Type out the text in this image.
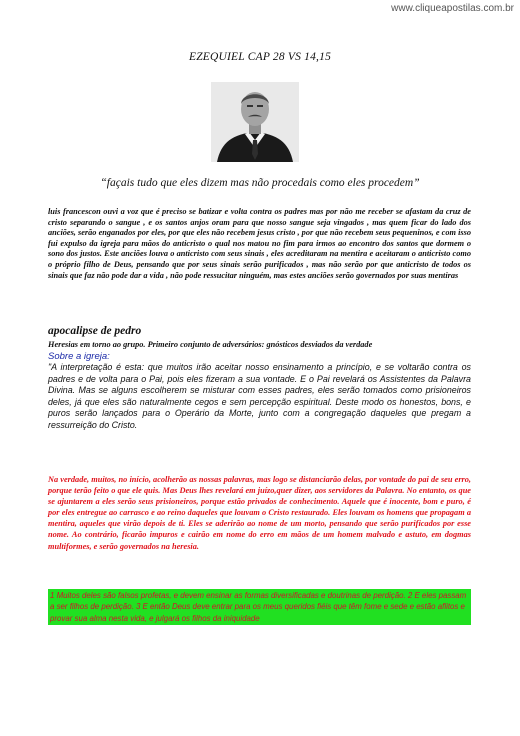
www.cliqueapostilas.com.br
EZEQUIEL CAP 28 VS 14,15
“façais tudo que eles dizem mas não procedais como eles procedem”

luis francescon ouvi a voz que é preciso se batizar e volta contra os padres mas por não me receber se afastam da cruz de cristo separando o sangue , e os santos anjos oram para que nosso sangue seja vingados , mas quem ficar do lado dos anciões, serão enganados por eles, por que eles não recebem jesus cristo , por que não recebem seus pequeninos, e com isso fui expulso da igreja para mãos do anticristo o qual nos matou no fim para irmos ao encontro dos santos que dormem o sono dos justos. Este anciões louva o anticristo com seus sinais , eles acreditaram na mentira e aceitaram o anticristo como o próprio filho de Deus, pensando que por seus sinais serão purificados , mas não serão por que anticristo de todos os sinais que faz não pode dar a vida , não pode ressucitar ninguém, mas estes anciões serão governados por suas mentiras

apocalipse de pedro
Heresias em torno ao grupo. Primeiro conjunto de adversários: gnósticos desviados da verdade
Sobre a igreja:

"A interpretação é esta: que muitos irão aceitar nosso ensinamento a princípio, e se voltarão contra os padres e de volta para o Pai, pois eles fizeram a sua vontade. E o Pai revelará os Assistentes da Palavra Divina. Mas se alguns escolherem se misturar com esses padres, eles serão tomados como prisioneiros deles, já que eles são naturalmente cegos e sem percepção espiritual. Deste modo os honestos, bons, e puros serão lançados para o Operário da Morte, junto com a congregação daqueles que pregam a ressurreição do Cristo.

Na verdade, muitos, no início, acolherão as nossas palavras, mas logo se distanciarão delas, por vontade do pai de seu erro, porque terão feito o que ele quis. Mas Deus lhes revelará em juízo,quer dizer, aos servidores da Palavra. No entanto, os que se ajuntarem a eles serão seus prisioneiros, porque estão privados de conhecimento. Aquele que é inocente, bom e puro, é por eles entregue ao carrasco e ao reino daqueles que louvam o Cristo restaurado. Eles louvam os homens que propagam a mentira, aqueles que virão depois de ti. Eles se aderirão ao nome de um morto, pensando que serão purificados por esse nome. Ao contrário, ficarão impuros e cairão em nome do erro em mãos de um homem malvado e astuto, em dogmas multiformes, e serão governados na heresia.

1 Muitos deles são falsos profetas, e devem ensinar as formas diversificadas e doutrinas de perdição. 2 E eles passam a ser filhos de perdição. 3 E então Deus deve entrar para os meus queridos fiéis que têm fome e sede e estão aflitos e provar sua alma nesta vida, e julgará os filhos da iniquidade
